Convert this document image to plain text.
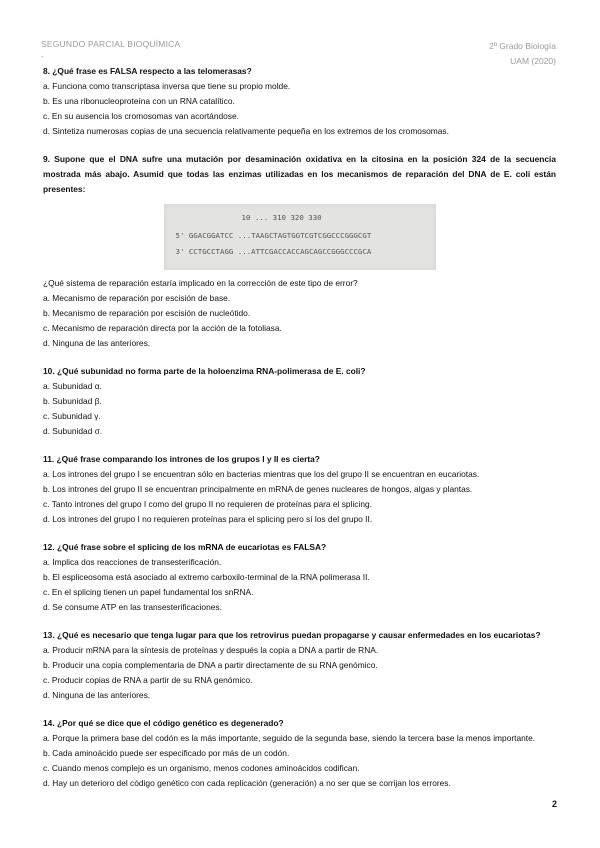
SEGUNDO PARCIAL BIOQUÍMICA
-
2º Grado Biología
UAM (2020)
8. ¿Qué frase es FALSA respecto a las telomerasas?
a. Funciona como transcriptasa inversa que tiene su propio molde.
b. Es una ribonucleoproteína con un RNA catalítico.
c. En su ausencia los cromosomas van acortándose.
d. Sintetiza numerosas copias de una secuencia relativamente pequeña en los extremos de los cromosomas.
9. Supone que el DNA sufre una mutación por desaminación oxidativa en la citosina en la posición 324 de la secuencia mostrada más abajo. Asumid que todas las enzimas utilizadas en los mecanismos de reparación del DNA de E. coli están presentes:
10 ... 310 320 330
5' GGACGGATCC ...TAAGCTAGTGGTCGTCGGCCCGGGCGT
3' CCTGCCTAGG ...ATTCGACCACCAGCAGCCGGGCCCGCA
¿Qué sistema de reparación estaría implicado en la corrección de este tipo de error?
a. Mecanismo de reparación por escisión de base.
b. Mecanismo de reparación por escisión de nucleótido.
c. Mecanismo de reparación directa por la acción de la fotoliasa.
d. Ninguna de las anteriores.
10. ¿Qué subunidad no forma parte de la holoenzima RNA-polimerasa de E. coli?
a. Subunidad α.
b. Subunidad β.
c. Subunidad γ.
d. Subunidad σ.
11. ¿Qué frase comparando los intrones de los grupos I y II es cierta?
a. Los intrones del grupo I se encuentran sólo en bacterias mientras que los del grupo II se encuentran en eucariotas.
b. Los intrones del grupo II se encuentran principalmente en mRNA de genes nucleares de hongos, algas y plantas.
c. Tanto intrones del grupo I como del grupo II no requieren de proteínas para el splicing.
d. Los intrones del grupo I no requieren proteínas para el splicing pero sí los del grupo II.
12. ¿Qué frase sobre el splicing de los mRNA de eucariotas es FALSA?
a. Implica dos reacciones de transesterificación.
b. El espliceosoma está asociado al extremo carboxilo-terminal de la RNA polimerasa II.
c. En el splicing tienen un papel fundamental los snRNA.
d. Se consume ATP en las transesterificaciones.
13. ¿Qué es necesario que tenga lugar para que los retrovirus puedan propagarse y causar enfermedades en los eucariotas?
a. Producir mRNA para la síntesis de proteínas y después la copia a DNA a partir de RNA.
b. Producir una copia complementaria de DNA a partir directamente de su RNA genómico.
c. Producir copias de RNA a partir de su RNA genómico.
d. Ninguna de las anteriores.
14. ¿Por qué se dice que el código genético es degenerado?
a. Porque la primera base del codón es la más importante, seguido de la segunda base, siendo la tercera base la menos importante.
b. Cada aminoácido puede ser especificado por más de un codón.
c. Cuando menos complejo es un organismo, menos codones aminoácidos codifican.
d. Hay un deterioro del código genético con cada replicación (generación) a no ser que se corrijan los errores.
2
